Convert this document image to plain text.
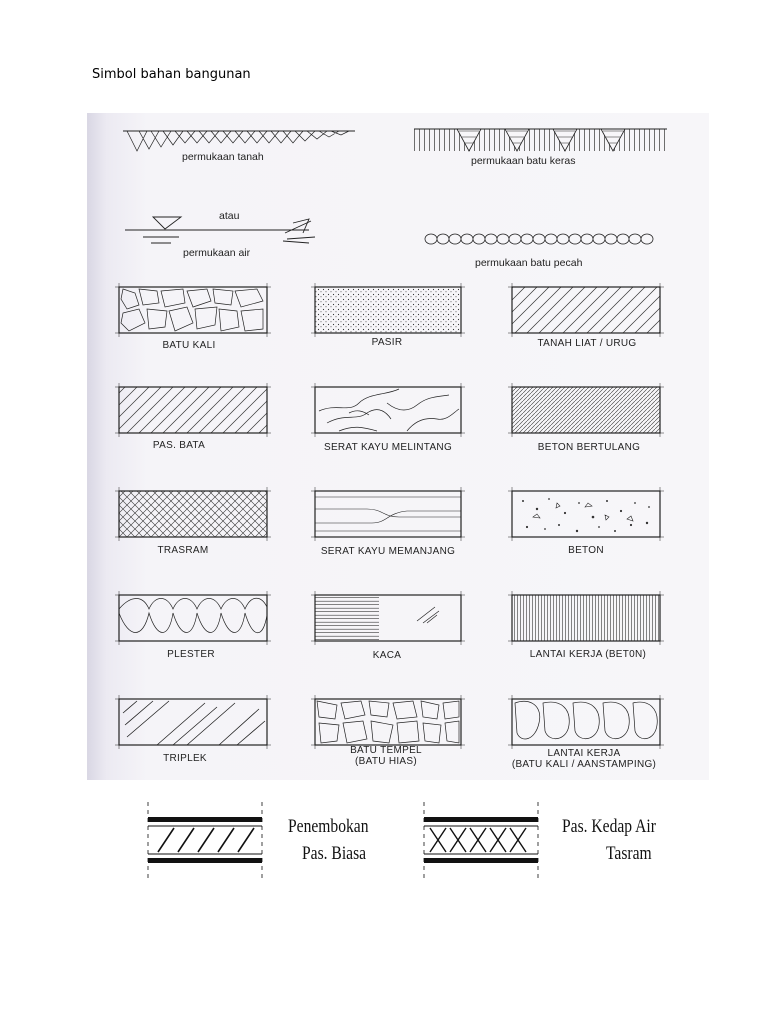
Simbol bahan bangunan
permukaan tanah	permukaan batu keras
atau
permukaan air
permukaan batu pecah
BATU KALI	PASIR	TANAH LIAT / URUG
PAS. BATA	SERAT KAYU MELINTANG	BETON BERTULANG
TRASRAM	SERAT KAYU MEMANJANG	BETON
PLESTER	KACA	LANTAI KERJA (BET0N)
TRIPLEK
BATU TEMPEL
(BATU HIAS)
LANTAI KERJA
(BATU KALI / AANSTAMPING)
Penembokan
Pas. Biasa
Pas. Kedap Air
Tasram
